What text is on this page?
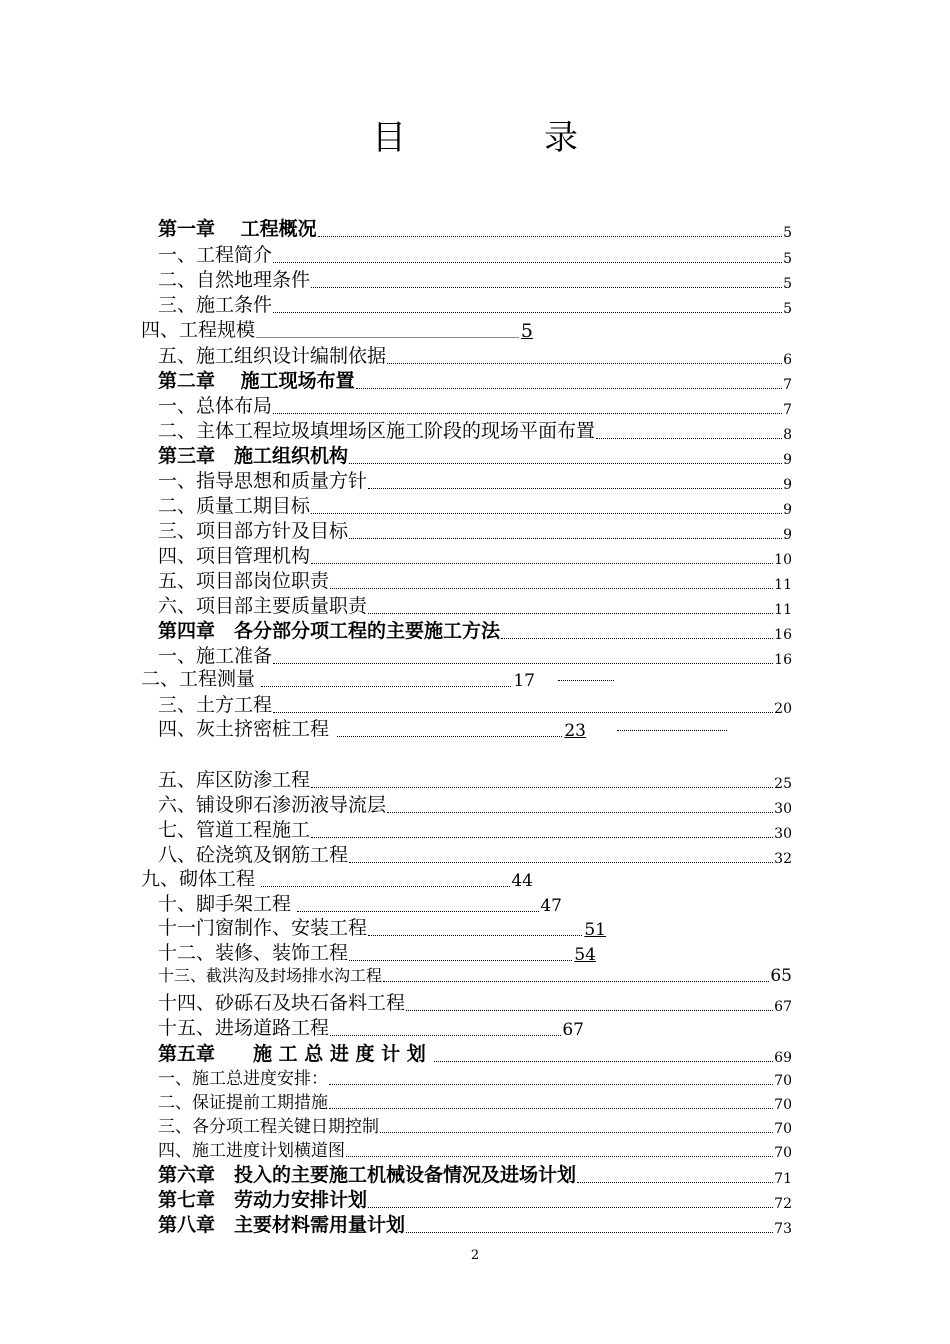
目　录
第一章　 工程概况	5
一、工程简介	5
二、自然地理条件	5
三、施工条件	5
四、工程规模	5
五、施工组织设计编制依据	6
第二章　 施工现场布置	7
一、总体布局	7
二、主体工程垃圾填埋场区施工阶段的现场平面布置	8
第三章　施工组织机构	9
一、指导思想和质量方针	9
二、质量工期目标	9
三、项目部方针及目标	9
四、项目管理机构	10
五、项目部岗位职责	11
六、项目部主要质量职责	11
第四章　各分部分项工程的主要施工方法	16
一、施工准备	16
二、工程测量	17
三、土方工程	20
四、灰土挤密桩工程	23
五、库区防渗工程	25
六、铺设卵石渗沥液导流层	30
七、管道工程施工	30
八、砼浇筑及钢筋工程	32
九、砌体工程	44
十、脚手架工程	47
十一门窗制作、安装工程	51
十二、装修、装饰工程	54
十三、截洪沟及封场排水沟工程	65
十四、砂砾石及块石备料工程	67
十五、进场道路工程	67
第五章　　施 工 总 进 度 计 划	69
一、施工总进度安排：	70
二、保证提前工期措施	70
三、各分项工程关键日期控制	70
四、施工进度计划横道图	70
第六章　投入的主要施工机械设备情况及进场计划	71
第七章　劳动力安排计划	72
第八章　主要材料需用量计划	73
2
